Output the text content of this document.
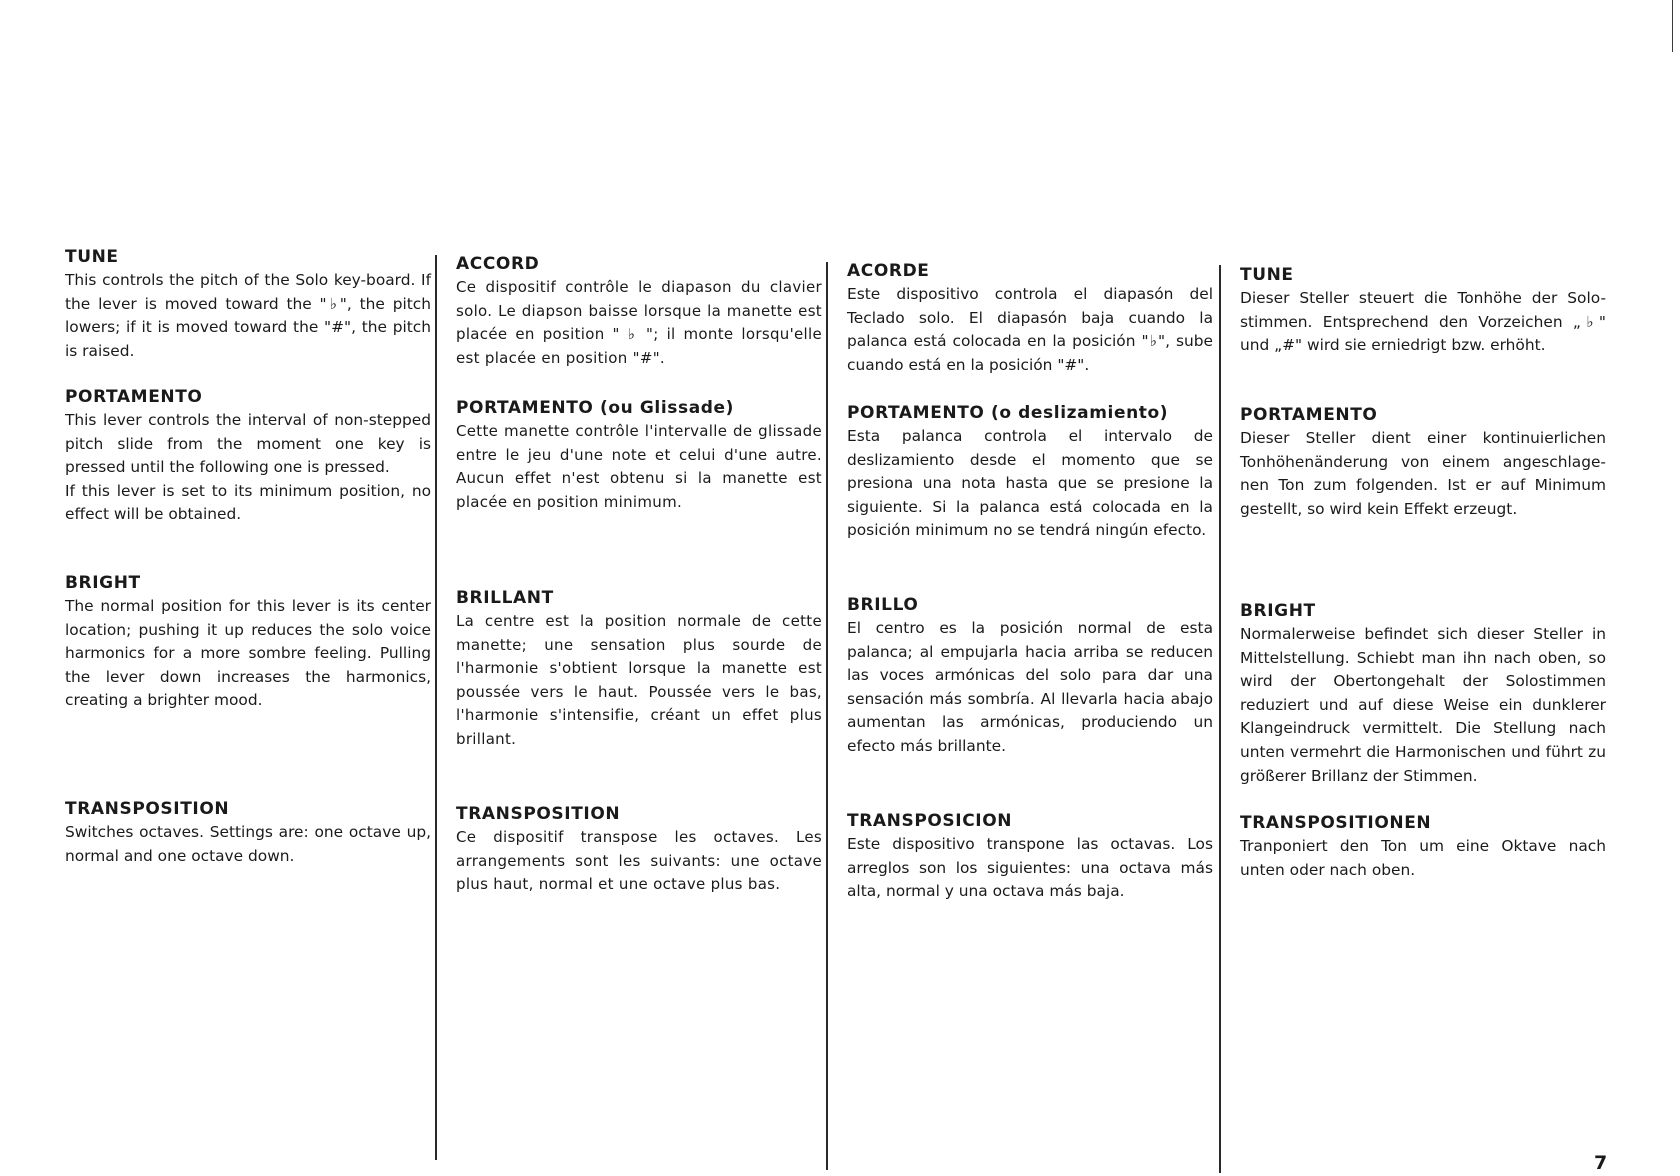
TUNE

This controls the pitch of the Solo key-board. If the lever is moved toward the "♭", the pitch lowers; if it is moved toward the "#", the pitch is raised.

PORTAMENTO

This lever controls the interval of non-stepped pitch slide from the moment one key is pressed until the following one is pressed.
If this lever is set to its minimum position, no effect will be obtained.

BRIGHT

The normal position for this lever is its center location; pushing it up reduces the solo voice harmonics for a more sombre feeling. Pulling the lever down increases the harmonics, creating a brighter mood.

TRANSPOSITION

Switches octaves. Settings are: one octave up, normal and one octave down.

ACCORD

Ce dispositif contrôle le diapason du clavier solo. Le diapson baisse lorsque la manette est placée en position " ♭ "; il monte lorsqu'elle est placée en position "#".

PORTAMENTO (ou Glissade)

Cette manette contrôle l'intervalle de glissade entre le jeu d'une note et celui d'une autre. Aucun effet n'est obtenu si la manette est placée en position minimum.

BRILLANT

La centre est la position normale de cette manette; une sensation plus sourde de l'harmonie s'obtient lorsque la manette est poussée vers le haut. Poussée vers le bas, l'harmonie s'intensifie, créant un effet plus brillant.

TRANSPOSITION

Ce dispositif transpose les octaves. Les arrangements sont les suivants: une octave plus haut, normal et une octave plus bas.

ACORDE

Este dispositivo controla el diapasón del Teclado solo. El diapasón baja cuando la palanca está colocada en la posición "♭", sube cuando está en la posición "#".

PORTAMENTO (o deslizamiento)

Esta palanca controla el intervalo de deslizamiento desde el momento que se presiona una nota hasta que se presione la siguiente. Si la palanca está colocada en la posición minimum no se tendrá ningún efecto.

BRILLO

El centro es la posición normal de esta palanca; al empujarla hacia arriba se reducen las voces armónicas del solo para dar una sensación más sombría. Al llevarla hacia abajo aumentan las armónicas, produciendo un efecto más brillante.

TRANSPOSICION

Este dispositivo transpone las octavas. Los arreglos son los siguientes: una octava más alta, normal y una octava más baja.

TUNE

Dieser Steller steuert die Tonhöhe der Solo-stimmen. Entsprechend den Vorzeichen „♭" und „#" wird sie erniedrigt bzw. erhöht.

PORTAMENTO

Dieser Steller dient einer kontinuierlichen Tonhöhenänderung von einem angeschlage-nen Ton zum folgenden. Ist er auf Minimum gestellt, so wird kein Effekt erzeugt.

BRIGHT

Normalerweise befindet sich dieser Steller in Mittelstellung. Schiebt man ihn nach oben, so wird der Obertongehalt der Solostimmen reduziert und auf diese Weise ein dunklerer Klangeindruck vermittelt. Die Stellung nach unten vermehrt die Harmonischen und führt zu größerer Brillanz der Stimmen.

TRANSPOSITIONEN

Tranponiert den Ton um eine Oktave nach unten oder nach oben.

7
